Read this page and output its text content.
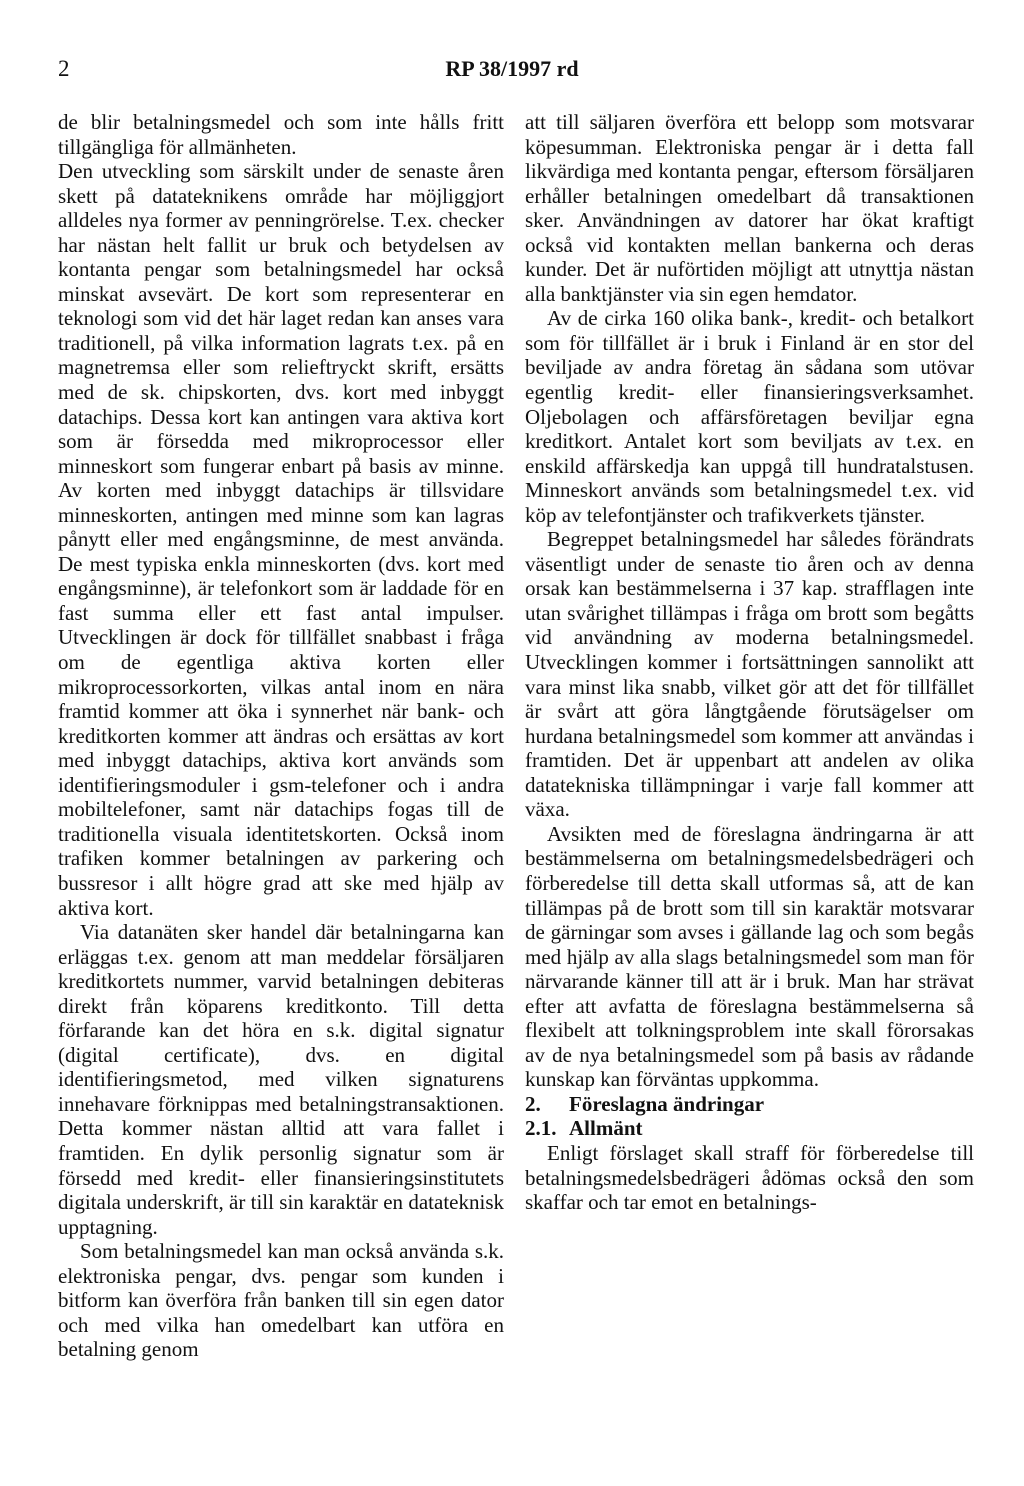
2	RP 38/1997 rd

de blir betalningsmedel och som inte hålls fritt tillgängliga för allmänheten.

Den utveckling som särskilt under de senaste åren skett på datateknikens område har möjliggjort alldeles nya former av penningrörelse. T.ex. checker har nästan helt fallit ur bruk och betydelsen av kontanta pengar som betalningsmedel har också minskat avsevärt. De kort som representerar en teknologi som vid det här laget redan kan anses vara traditionell, på vilka information lagrats t.ex. på en magnetremsa eller som relieftryckt skrift, ersätts med de sk. chipskorten, dvs. kort med inbyggt datachips. Dessa kort kan antingen vara aktiva kort som är försedda med mikroprocessor eller minneskort som fungerar enbart på basis av minne. Av korten med inbyggt datachips är tillsvidare minneskorten, antingen med minne som kan lagras pånytt eller med engångsminne, de mest använda. De mest typiska enkla minneskorten (dvs. kort med engångsminne), är telefonkort som är laddade för en fast summa eller ett fast antal impulser. Utvecklingen är dock för tillfället snabbast i fråga om de egentliga aktiva korten eller mikroprocessorkorten, vilkas antal inom en nära framtid kommer att öka i synnerhet när bank- och kreditkorten kommer att ändras och ersättas av kort med inbyggt datachips, aktiva kort används som identifieringsmoduler i gsm-telefoner och i andra mobiltelefoner, samt när datachips fogas till de traditionella visuala identitetskorten. Också inom trafiken kommer betalningen av parkering och bussresor i allt högre grad att ske med hjälp av aktiva kort.

Via datanäten sker handel där betalningarna kan erläggas t.ex. genom att man meddelar försäljaren kreditkortets nummer, varvid betalningen debiteras direkt från köparens kreditkonto. Till detta förfarande kan det höra en s.k. digital signatur (digital certificate), dvs. en digital identifieringsmetod, med vilken signaturens innehavare förknippas med betalningstransaktionen. Detta kommer nästan alltid att vara fallet i framtiden. En dylik personlig signatur som är försedd med kredit- eller finansieringsinstitutets digitala underskrift, är till sin karaktär en datateknisk upptagning.

Som betalningsmedel kan man också använda s.k. elektroniska pengar, dvs. pengar som kunden i bitform kan överföra från banken till sin egen dator och med vilka han omedelbart kan utföra en betalning genom

att till säljaren överföra ett belopp som motsvarar köpesumman. Elektroniska pengar är i detta fall likvärdiga med kontanta pengar, eftersom försäljaren erhåller betalningen omedelbart då transaktionen sker. Användningen av datorer har ökat kraftigt också vid kontakten mellan bankerna och deras kunder. Det är nuförtiden möjligt att utnyttja nästan alla banktjänster via sin egen hemdator.

Av de cirka 160 olika bank-, kredit- och betalkort som för tillfället är i bruk i Finland är en stor del beviljade av andra företag än sådana som utövar egentlig kredit- eller finansieringsverksamhet. Oljebolagen och affärsföretagen beviljar egna kreditkort. Antalet kort som beviljats av t.ex. en enskild affärskedja kan uppgå till hundratalstusen. Minneskort används som betalningsmedel t.ex. vid köp av telefontjänster och trafikverkets tjänster.

Begreppet betalningsmedel har således förändrats väsentligt under de senaste tio åren och av denna orsak kan bestämmelserna i 37 kap. strafflagen inte utan svårighet tillämpas i fråga om brott som begåtts vid användning av moderna betalningsmedel. Utvecklingen kommer i fortsättningen sannolikt att vara minst lika snabb, vilket gör att det för tillfället är svårt att göra långtgående förutsägelser om hurdana betalningsmedel som kommer att användas i framtiden. Det är uppenbart att andelen av olika datatekniska tillämpningar i varje fall kommer att växa.

Avsikten med de föreslagna ändringarna är att bestämmelserna om betalningsmedelsbedrägeri och förberedelse till detta skall utformas så, att de kan tillämpas på de brott som till sin karaktär motsvarar de gärningar som avses i gällande lag och som begås med hjälp av alla slags betalningsmedel som man för närvarande känner till att är i bruk. Man har strävat efter att avfatta de föreslagna bestämmelserna så flexibelt att tolkningsproblem inte skall förorsakas av de nya betalningsmedel som på basis av rådande kunskap kan förväntas uppkomma.

2. Föreslagna ändringar

2.1. Allmänt

Enligt förslaget skall straff för förberedelse till betalningsmedelsbedrägeri ådömas också den som skaffar och tar emot en betalnings-
